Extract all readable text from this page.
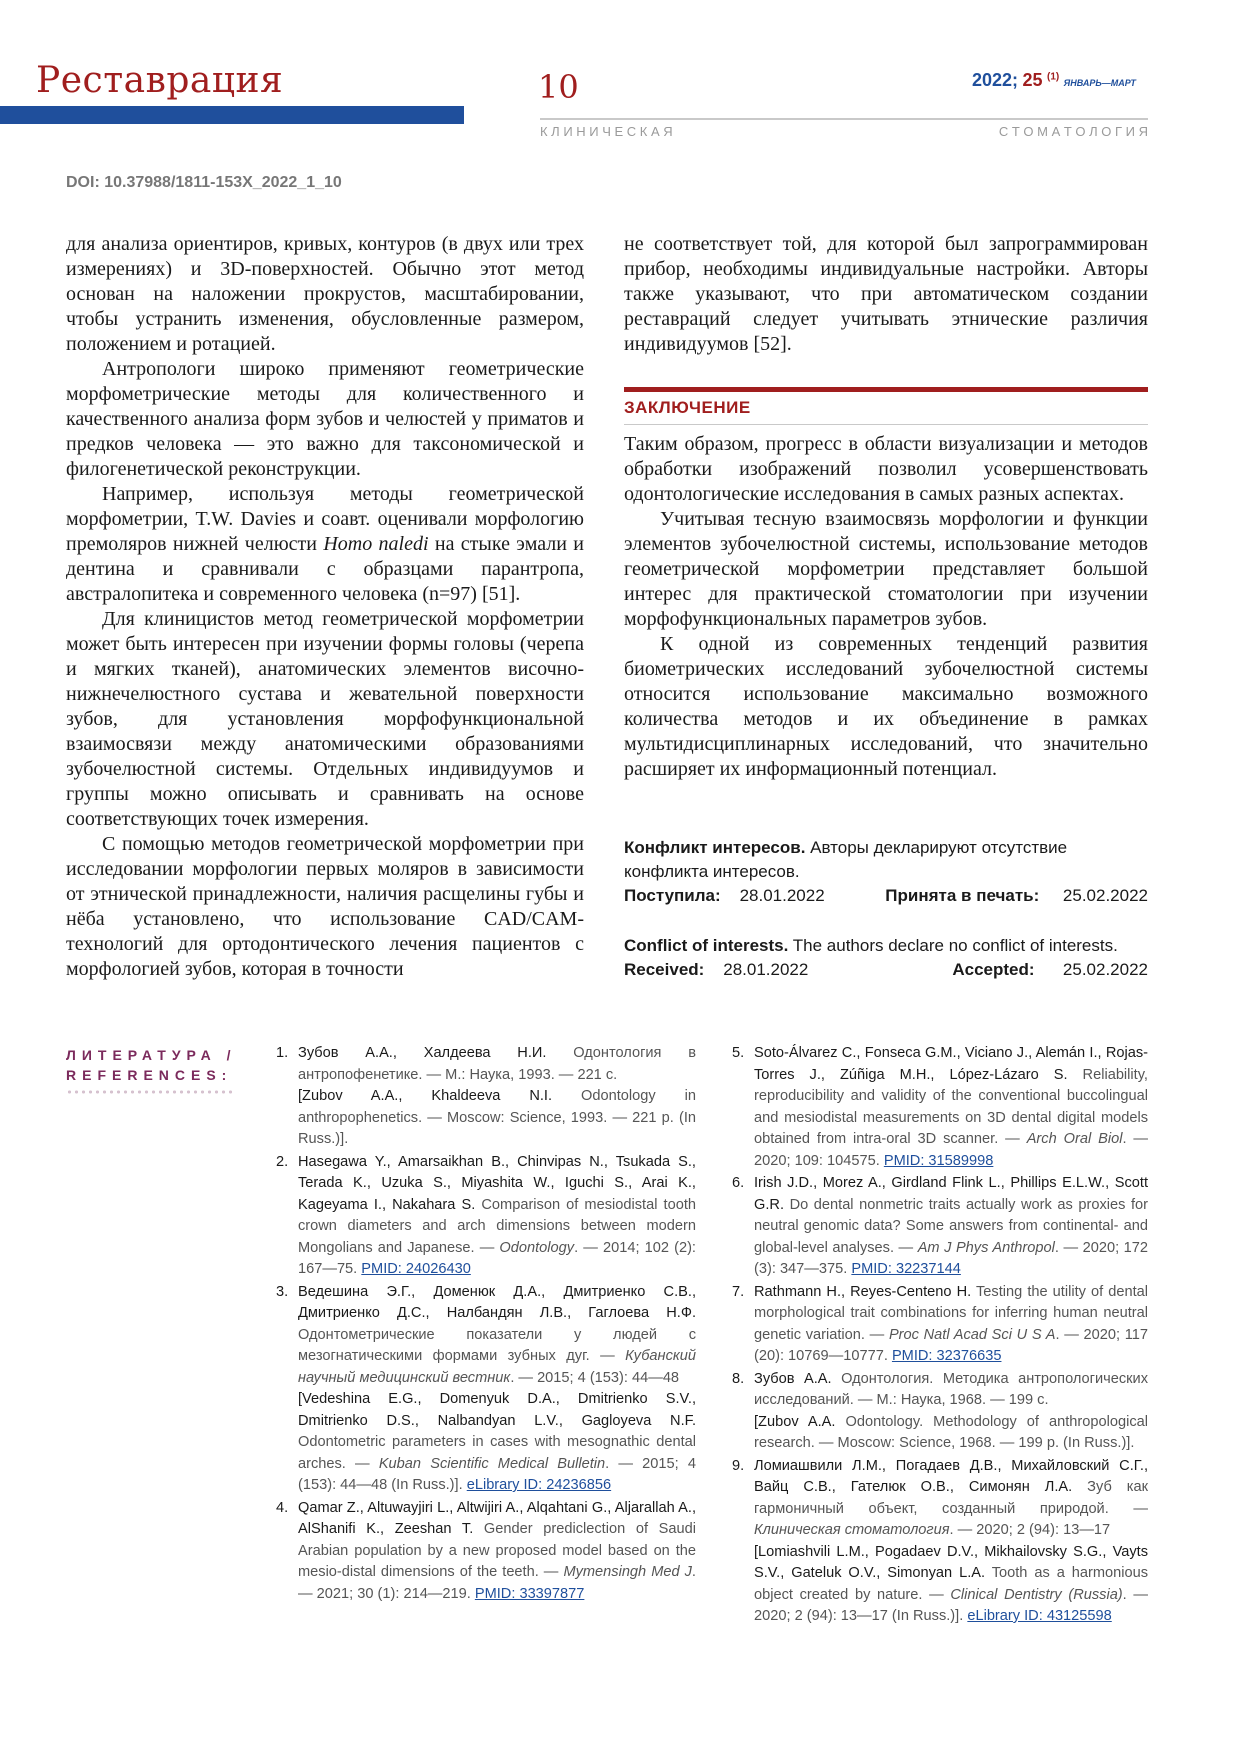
Реставрация	10	2022; 25 $^{(1)}$ ЯНВАРЬ—МАРТ
К Л И Н И Ч Е С К А Я	С Т О М А Т О Л О Г И Я
DOI: 10.37988/1811-153X_2022_1_10

для анализа ориентиров, кривых, контуров (в двух или трех измерениях) и 3D-поверхностей. Обычно этот метод основан на наложении прокрустов, масштабировании, чтобы устранить изменения, обусловленные размером, положением и ротацией.

Антропологи широко применяют геометрические морфометрические методы для количественного и качественного анализа форм зубов и челюстей у приматов и предков человека — это важно для таксономической и филогенетической реконструкции.

Например, используя методы геометрической морфометрии, T.W. Davies и соавт. оценивали морфологию премоляров нижней челюсти Homo naledi на стыке эмали и дентина и сравнивали с образцами парантропа, австралопитека и современного человека (n=97) [51].

Для клиницистов метод геометрической морфометрии может быть интересен при изучении формы головы (черепа и мягких тканей), анатомических элементов височно-нижнечелюстного сустава и жевательной поверхности зубов, для установления морфофункциональной взаимосвязи между анатомическими образованиями зубочелюстной системы. Отдельных индивидуумов и группы можно описывать и сравнивать на основе соответствующих точек измерения.

С помощью методов геометрической морфометрии при исследовании морфологии первых моляров в зависимости от этнической принадлежности, наличия расщелины губы и нёба установлено, что использование CAD/CAM-технологий для ортодонтического лечения пациентов с морфологией зубов, которая в точности

не соответствует той, для которой был запрограммирован прибор, необходимы индивидуальные настройки. Авторы также указывают, что при автоматическом создании реставраций следует учитывать этнические различия индивидуумов [52].

ЗАКЛЮЧЕНИЕ

Таким образом, прогресс в области визуализации и методов обработки изображений позволил усовершенствовать одонтологические исследования в самых разных аспектах.

Учитывая тесную взаимосвязь морфологии и функции элементов зубочелюстной системы, использование методов геометрической морфометрии представляет большой интерес для практической стоматологии при изучении морфофункциональных параметров зубов.

К одной из современных тенденций развития биометрических исследований зубочелюстной системы относится использование максимально возможного количества методов и их объединение в рамках мультидисциплинарных исследований, что значительно расширяет их информационный потенциал.

Конфликт интересов. Авторы декларируют отсутствие конфликта интересов.
Поступила: 28.01.2022	Принята в печать: 25.02.2022
Conflict of interests. The authors declare no conflict of interests.
Received: 28.01.2022	Accepted: 25.02.2022
ЛИТЕРАТУРА /
REFERENCES:
1. Зубов А.А., Халдеева Н.И. Одонтология в антропофенетике. — М.: Наука, 1993. — 221 с.
[Zubov A.A., Khaldeeva N.I. Odontology in anthropophenetics. — Moscow: Science, 1993. — 221 p. (In Russ.)].
2. Hasegawa Y., Amarsaikhan B., Chinvipas N., Tsukada S., Terada K., Uzuka S., Miyashita W., Iguchi S., Arai K., Kageyama I., Nakahara S. Comparison of mesiodistal tooth crown diameters and arch dimensions between modern Mongolians and Japanese. — Odontology. — 2014; 102 (2): 167—75. PMID: 24026430
3. Ведешина Э.Г., Доменюк Д.А., Дмитриенко С.В., Дмитриенко Д.С., Налбандян Л.В., Гаглоева Н.Ф. Одонтометрические показатели у людей с мезогнатическими формами зубных дуг. — Кубанский научный медицинский вестник. — 2015; 4 (153): 44—48
[Vedeshina E.G., Domenyuk D.A., Dmitrienko S.V., Dmitrienko D.S., Nalbandyan L.V., Gagloyeva N.F. Odontometric parameters in cases with mesognathic dental arches. — Kuban Scientific Medical Bulletin. — 2015; 4 (153): 44—48 (In Russ.)]. eLibrary ID: 24236856
4. Qamar Z., Altuwayjiri L., Altwijiri A., Alqahtani G., Aljarallah A., AlShanifi K., Zeeshan T. Gender prediclection of Saudi Arabian population by a new proposed model based on the mesio-distal dimensions of the teeth. — Mymensingh Med J. — 2021; 30 (1): 214—219. PMID: 33397877
5. Soto-Álvarez C., Fonseca G.M., Viciano J., Alemán I., Rojas-Torres J., Zúñiga M.H., López-Lázaro S. Reliability, reproducibility and validity of the conventional buccolingual and mesiodistal measurements on 3D dental digital models obtained from intra-oral 3D scanner. — Arch Oral Biol. — 2020; 109: 104575. PMID: 31589998
6. Irish J.D., Morez A., Girdland Flink L., Phillips E.L.W., Scott G.R. Do dental nonmetric traits actually work as proxies for neutral genomic data? Some answers from continental- and global-level analyses. — Am J Phys Anthropol. — 2020; 172 (3): 347—375. PMID: 32237144
7. Rathmann H., Reyes-Centeno H. Testing the utility of dental morphological trait combinations for inferring human neutral genetic variation. — Proc Natl Acad Sci U S A. — 2020; 117 (20): 10769—10777. PMID: 32376635
8. Зубов А.А. Одонтология. Методика антропологических исследований. — М.: Наука, 1968. — 199 с.
[Zubov A.A. Odontology. Methodology of anthropological research. — Moscow: Science, 1968. — 199 p. (In Russ.)].
9. Ломиашвили Л.М., Погадаев Д.В., Михайловский С.Г., Вайц С.В., Гателюк О.В., Симонян Л.А. Зуб как гармоничный объект, созданный природой. — Клиническая стоматология. — 2020; 2 (94): 13—17
[Lomiashvili L.M., Pogadaev D.V., Mikhailovsky S.G., Vayts S.V., Gateluk O.V., Simonyan L.A. Tooth as a harmonious object created by nature. — Clinical Dentistry (Russia). — 2020; 2 (94): 13—17 (In Russ.)]. eLibrary ID: 43125598
